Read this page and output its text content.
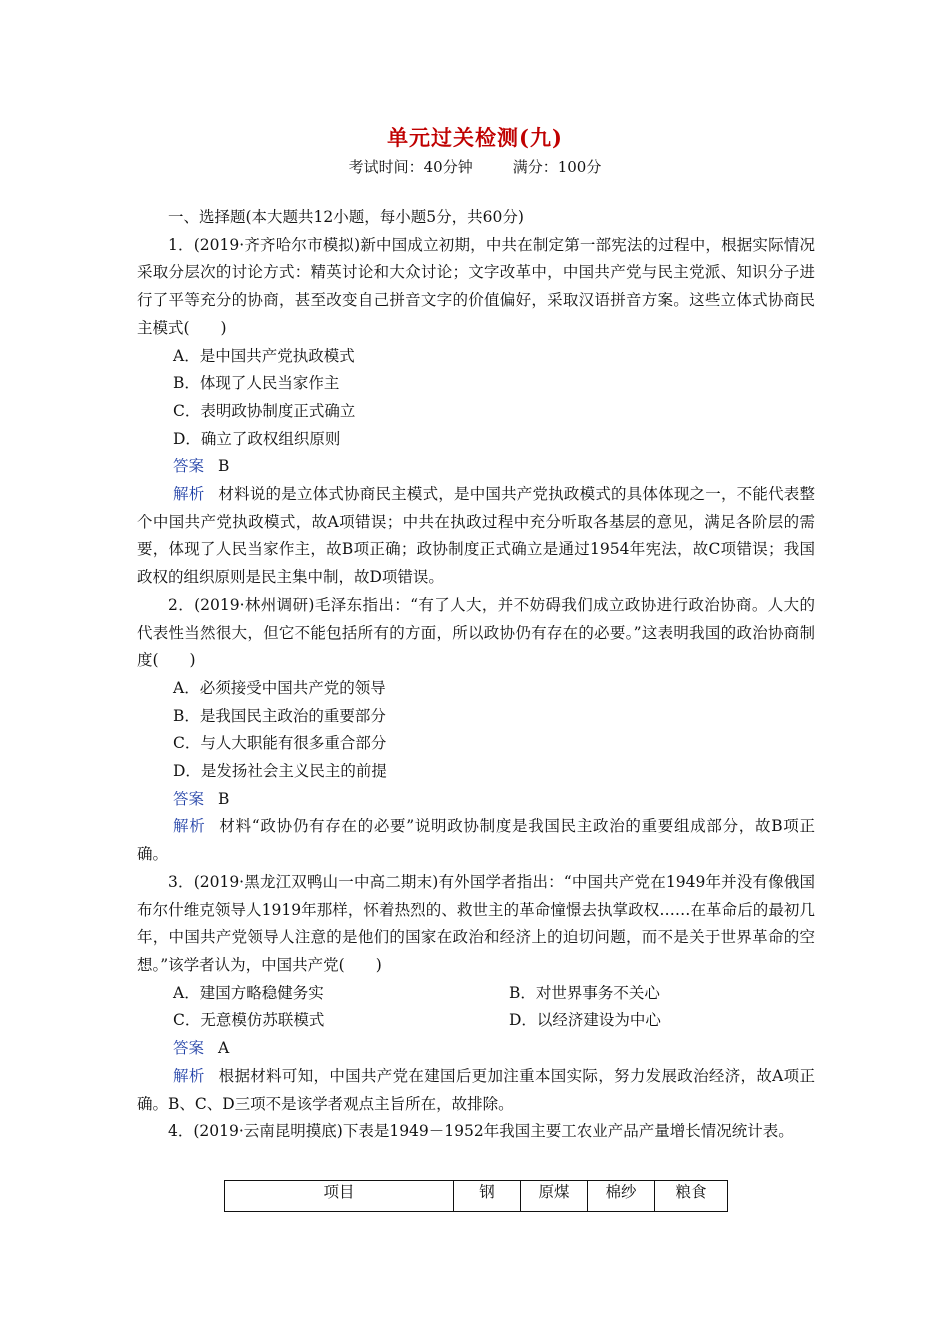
单元过关检测(九)
考试时间：40分钟	满分：100分
一、选择题(本大题共12小题，每小题5分，共60分)
1．(2019·齐齐哈尔市模拟)新中国成立初期，中共在制定第一部宪法的过程中，根据实际情况采取分层次的讨论方式：精英讨论和大众讨论；文字改革中，中国共产党与民主党派、知识分子进行了平等充分的协商，甚至改变自己拼音文字的价值偏好，采取汉语拼音方案。这些立体式协商民主模式(　　)
A．是中国共产党执政模式
B．体现了人民当家作主
C．表明政协制度正式确立
D．确立了政权组织原则
答案 B
解析 材料说的是立体式协商民主模式，是中国共产党执政模式的具体体现之一，不能代表整个中国共产党执政模式，故A项错误；中共在执政过程中充分听取各基层的意见，满足各阶层的需要，体现了人民当家作主，故B项正确；政协制度正式确立是通过1954年宪法，故C项错误；我国政权的组织原则是民主集中制，故D项错误。
2．(2019·林州调研)毛泽东指出：“有了人大，并不妨碍我们成立政协进行政治协商。人大的代表性当然很大，但它不能包括所有的方面，所以政协仍有存在的必要。”这表明我国的政治协商制度(　　)
A．必须接受中国共产党的领导
B．是我国民主政治的重要部分
C．与人大职能有很多重合部分
D．是发扬社会主义民主的前提
答案 B
解析 材料“政协仍有存在的必要”说明政协制度是我国民主政治的重要组成部分，故B项正确。
3．(2019·黑龙江双鸭山一中高二期末)有外国学者指出：“中国共产党在1949年并没有像俄国布尔什维克领导人1919年那样，怀着热烈的、救世主的革命憧憬去执掌政权……在革命后的最初几年，中国共产党领导人注意的是他们的国家在政治和经济上的迫切问题，而不是关于世界革命的空想。”该学者认为，中国共产党(　　)
A．建国方略稳健务实	B．对世界事务不关心
C．无意模仿苏联模式	D．以经济建设为中心
答案 A
解析 根据材料可知，中国共产党在建国后更加注重本国实际，努力发展政治经济，故A项正确。B、C、D三项不是该学者观点主旨所在，故排除。
4．(2019·云南昆明摸底)下表是1949－1952年我国主要工农业产品产量增长情况统计表。
项目	钢	原煤	棉纱	粮食
